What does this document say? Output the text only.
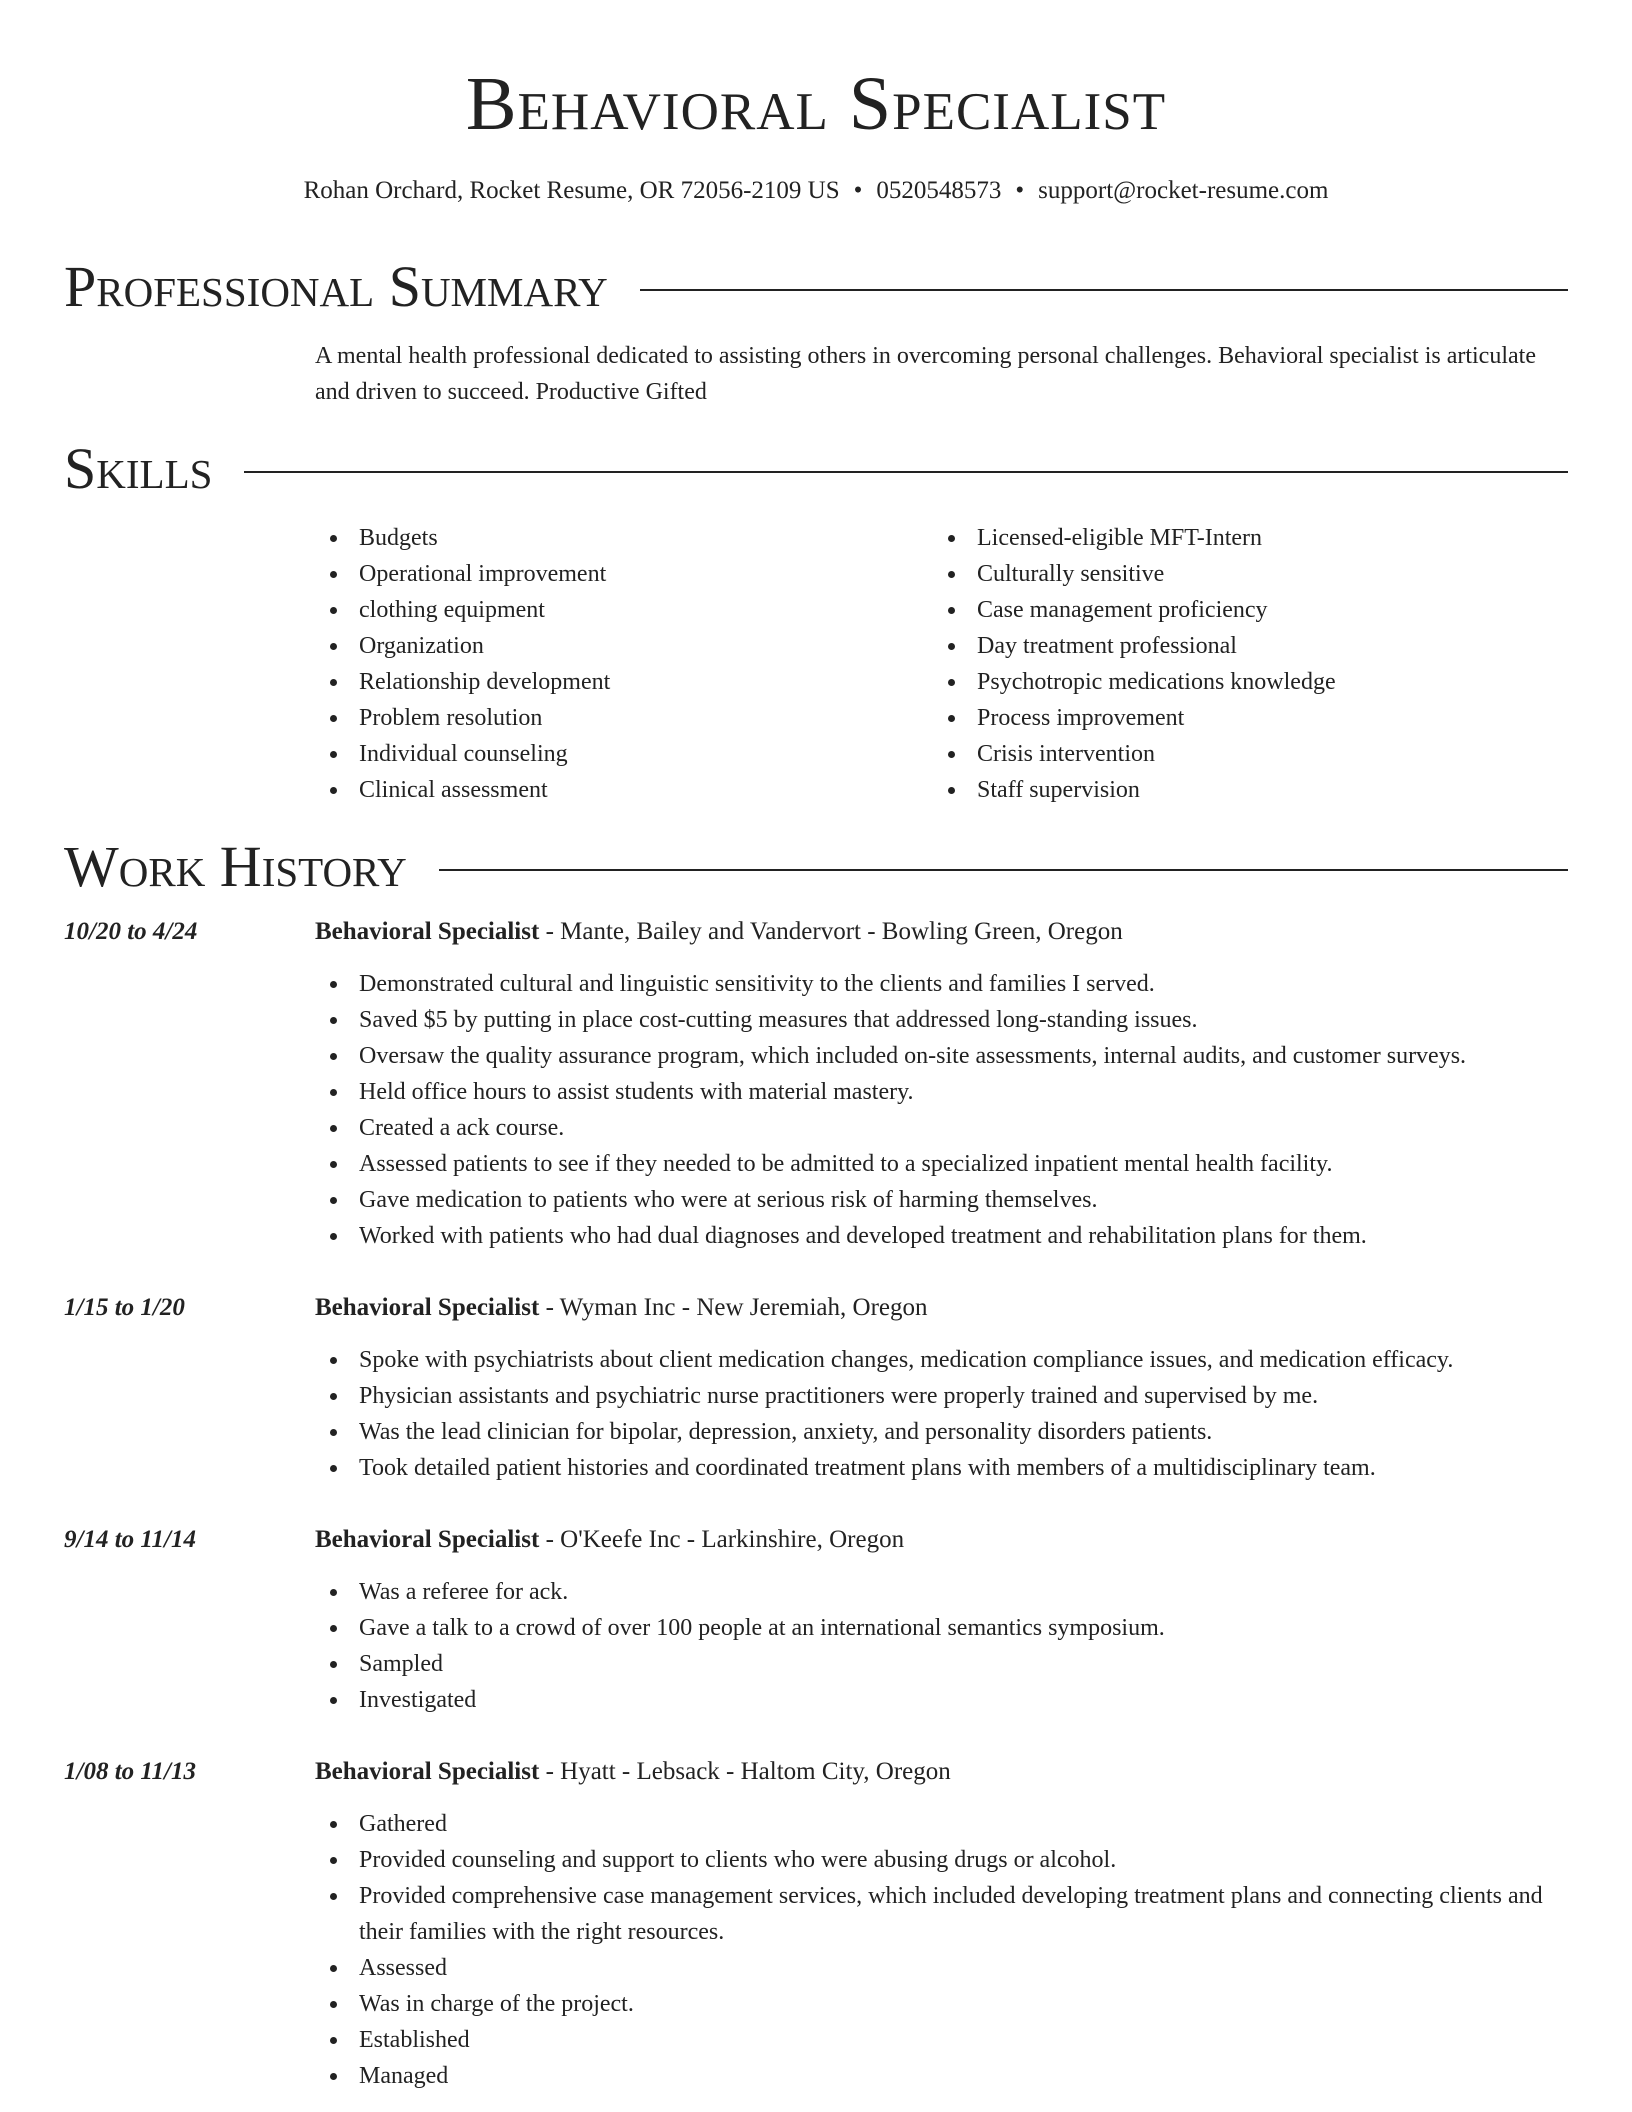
Behavioral Specialist
Rohan Orchard, Rocket Resume, OR 72056-2109 US • 0520548573 • support@rocket-resume.com
Professional Summary
A mental health professional dedicated to assisting others in overcoming personal challenges. Behavioral specialist is articulate and driven to succeed. Productive Gifted
Skills
Budgets
Operational improvement
clothing equipment
Organization
Relationship development
Problem resolution
Individual counseling
Clinical assessment
Licensed-eligible MFT-Intern
Culturally sensitive
Case management proficiency
Day treatment professional
Psychotropic medications knowledge
Process improvement
Crisis intervention
Staff supervision
Work History
10/20 to 4/24	Behavioral Specialist - Mante, Bailey and Vandervort - Bowling Green, Oregon
Demonstrated cultural and linguistic sensitivity to the clients and families I served.
Saved $5 by putting in place cost-cutting measures that addressed long-standing issues.
Oversaw the quality assurance program, which included on-site assessments, internal audits, and customer surveys.
Held office hours to assist students with material mastery.
Created a ack course.
Assessed patients to see if they needed to be admitted to a specialized inpatient mental health facility.
Gave medication to patients who were at serious risk of harming themselves.
Worked with patients who had dual diagnoses and developed treatment and rehabilitation plans for them.
1/15 to 1/20	Behavioral Specialist - Wyman Inc - New Jeremiah, Oregon
Spoke with psychiatrists about client medication changes, medication compliance issues, and medication efficacy.
Physician assistants and psychiatric nurse practitioners were properly trained and supervised by me.
Was the lead clinician for bipolar, depression, anxiety, and personality disorders patients.
Took detailed patient histories and coordinated treatment plans with members of a multidisciplinary team.
9/14 to 11/14	Behavioral Specialist - O'Keefe Inc - Larkinshire, Oregon
Was a referee for ack.
Gave a talk to a crowd of over 100 people at an international semantics symposium.
Sampled
Investigated
1/08 to 11/13	Behavioral Specialist - Hyatt - Lebsack - Haltom City, Oregon
Gathered
Provided counseling and support to clients who were abusing drugs or alcohol.
Provided comprehensive case management services, which included developing treatment plans and connecting clients and their families with the right resources.
Assessed
Was in charge of the project.
Established
Managed
